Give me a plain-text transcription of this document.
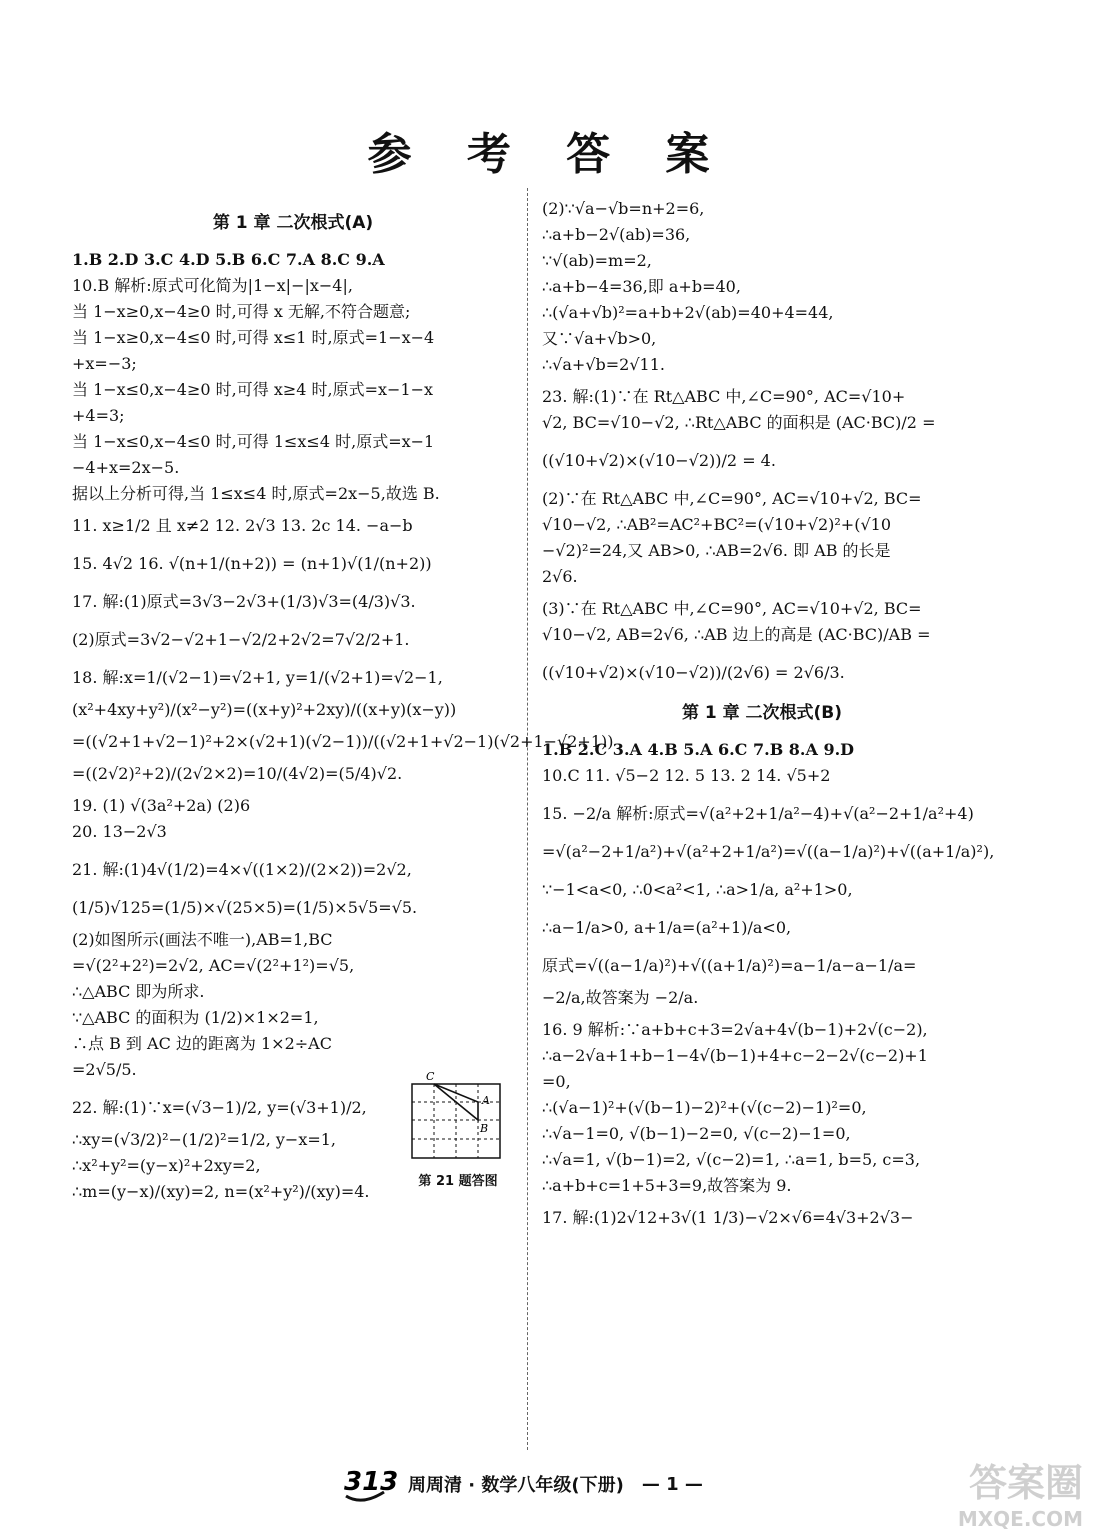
参 考 答 案
第 1 章 二次根式(A)
1.B 2.D 3.C 4.D 5.B 6.C 7.A 8.C 9.A
10.B 解析:原式可化简为|1−x|−|x−4|,
当 1−x≥0,x−4≥0 时,可得 x 无解,不符合题意;
当 1−x≥0,x−4≤0 时,可得 x≤1 时,原式=1−x−4
+x=−3;
当 1−x≤0,x−4≥0 时,可得 x≥4 时,原式=x−1−x
+4=3;
当 1−x≤0,x−4≤0 时,可得 1≤x≤4 时,原式=x−1
−4+x=2x−5.
据以上分析可得,当 1≤x≤4 时,原式=2x−5,故选 B.
11. x≥1/2 且 x≠2 12. 2√3 13. 2c 14. −a−b
15. 4√2 16. √(n+1/(n+2)) = (n+1)√(1/(n+2))
17. 解:(1)原式=3√3−2√3+(1/3)√3=(4/3)√3.
(2)原式=3√2−√2+1−√2/2+2√2=7√2/2+1.
18. 解:x=1/(√2−1)=√2+1, y=1/(√2+1)=√2−1,
(x²+4xy+y²)/(x²−y²)=((x+y)²+2xy)/((x+y)(x−y))
=((√2+1+√2−1)²+2×(√2+1)(√2−1))/((√2+1+√2−1)(√2+1−√2+1))
=((2√2)²+2)/(2√2×2)=10/(4√2)=(5/4)√2.
19. (1) √(3a²+2a) (2)6
20. 13−2√3
21. 解:(1)4√(1/2)=4×√((1×2)/(2×2))=2√2,
(1/5)√125=(1/5)×√(25×5)=(1/5)×5√5=√5.
(2)如图所示(画法不唯一),AB=1,BC
=√(2²+2²)=2√2, AC=√(2²+1²)=√5,
∴△ABC 即为所求.
∵△ABC 的面积为 (1/2)×1×2=1,
∴点 B 到 AC 边的距离为 1×2÷AC
=2√5/5.
22. 解:(1)∵x=(√3−1)/2, y=(√3+1)/2,
∴xy=(√3/2)²−(1/2)²=1/2, y−x=1,
∴x²+y²=(y−x)²+2xy=2,
∴m=(y−x)/(xy)=2, n=(x²+y²)/(xy)=4.
C
A
B
第 21 题答图
(2)∵√a−√b=n+2=6,
∴a+b−2√(ab)=36,
∵√(ab)=m=2,
∴a+b−4=36,即 a+b=40,
∴(√a+√b)²=a+b+2√(ab)=40+4=44,
又∵√a+√b>0,
∴√a+√b=2√11.
23. 解:(1)∵在 Rt△ABC 中,∠C=90°, AC=√10+
√2, BC=√10−√2, ∴Rt△ABC 的面积是 (AC·BC)/2 =
((√10+√2)×(√10−√2))/2 = 4.
(2)∵在 Rt△ABC 中,∠C=90°, AC=√10+√2, BC=
√10−√2, ∴AB²=AC²+BC²=(√10+√2)²+(√10
−√2)²=24,又 AB>0, ∴AB=2√6. 即 AB 的长是
2√6.
(3)∵在 Rt△ABC 中,∠C=90°, AC=√10+√2, BC=
√10−√2, AB=2√6, ∴AB 边上的高是 (AC·BC)/AB =
((√10+√2)×(√10−√2))/(2√6) = 2√6/3.
第 1 章 二次根式(B)
1.B 2.C 3.A 4.B 5.A 6.C 7.B 8.A 9.D
10.C 11. √5−2 12. 5 13. 2 14. √5+2
15. −2/a 解析:原式=√(a²+2+1/a²−4)+√(a²−2+1/a²+4)
=√(a²−2+1/a²)+√(a²+2+1/a²)=√((a−1/a)²)+√((a+1/a)²),
∵−1<a<0, ∴0<a²<1, ∴a>1/a, a²+1>0,
∴a−1/a>0, a+1/a=(a²+1)/a<0,
原式=√((a−1/a)²)+√((a+1/a)²)=a−1/a−a−1/a=
−2/a,故答案为 −2/a.
16. 9 解析:∵a+b+c+3=2√a+4√(b−1)+2√(c−2),
∴a−2√a+1+b−1−4√(b−1)+4+c−2−2√(c−2)+1
=0,
∴(√a−1)²+(√(b−1)−2)²+(√(c−2)−1)²=0,
∴√a−1=0, √(b−1)−2=0, √(c−2)−1=0,
∴√a=1, √(b−1)=2, √(c−2)=1, ∴a=1, b=5, c=3,
∴a+b+c=1+5+3=9,故答案为 9.
17. 解:(1)2√12+3√(1 1/3)−√2×√6=4√3+2√3−
313 周周清 · 数学八年级(下册) — 1 —	答案圈
MXQE.COM
